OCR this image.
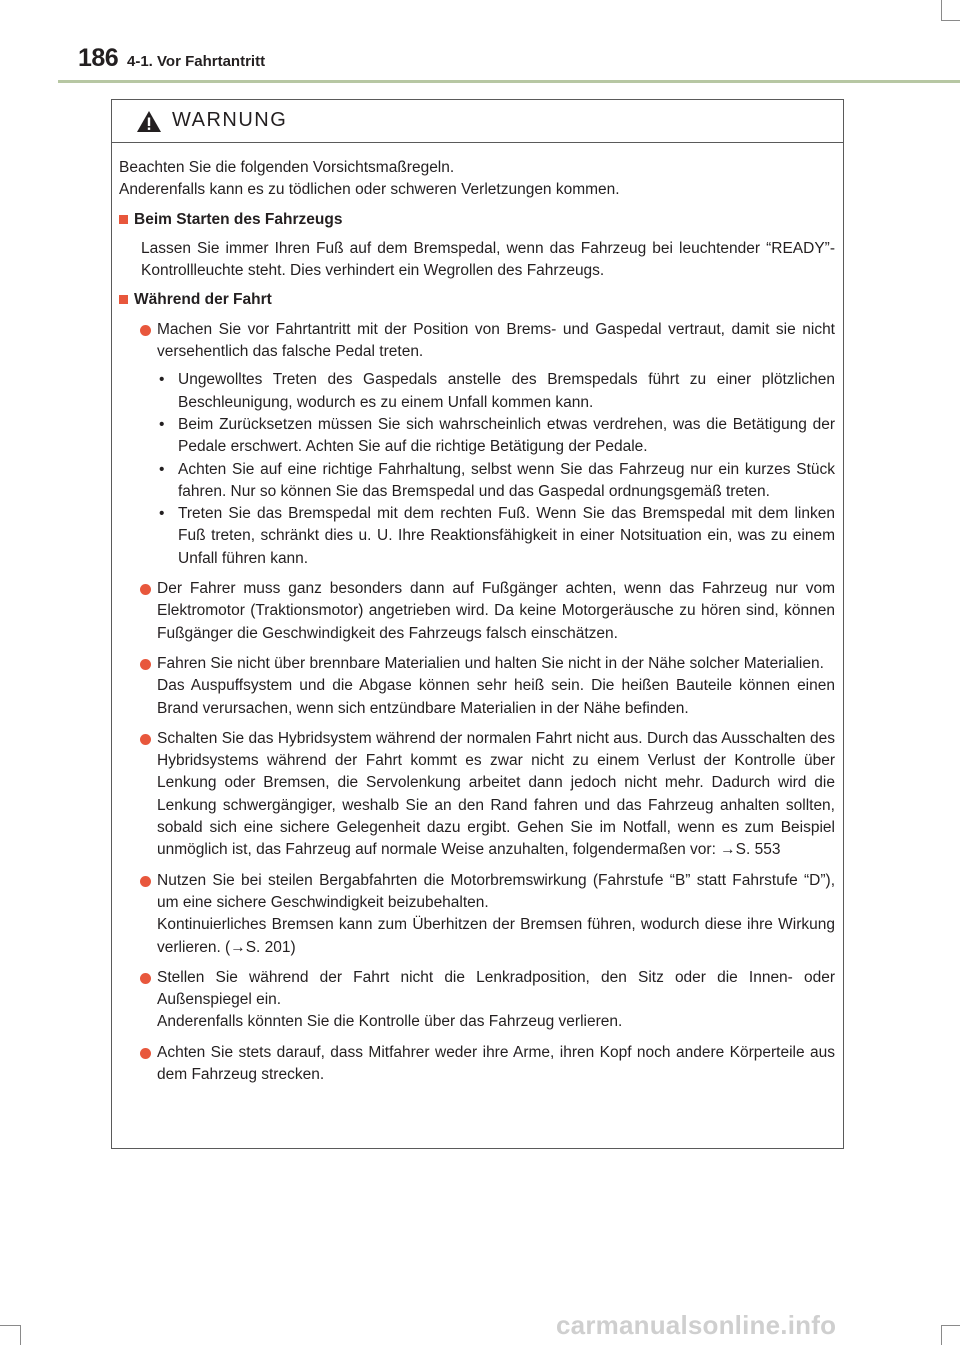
186 4-1. Vor Fahrtantritt
WARNUNG

Beachten Sie die folgenden Vorsichtsmaßregeln.
Anderenfalls kann es zu tödlichen oder schweren Verletzungen kommen.

Beim Starten des Fahrzeugs

Lassen Sie immer Ihren Fuß auf dem Bremspedal, wenn das Fahrzeug bei leuchtender “READY”-Kontrollleuchte steht. Dies verhindert ein Wegrollen des Fahrzeugs.

Während der Fahrt

Machen Sie vor Fahrtantritt mit der Position von Brems- und Gaspedal vertraut, damit sie nicht versehentlich das falsche Pedal treten.

• Ungewolltes Treten des Gaspedals anstelle des Bremspedals führt zu einer plötzlichen Beschleunigung, wodurch es zu einem Unfall kommen kann.
• Beim Zurücksetzen müssen Sie sich wahrscheinlich etwas verdrehen, was die Betätigung der Pedale erschwert. Achten Sie auf die richtige Betätigung der Pedale.
• Achten Sie auf eine richtige Fahrhaltung, selbst wenn Sie das Fahrzeug nur ein kurzes Stück fahren. Nur so können Sie das Bremspedal und das Gaspedal ordnungsgemäß treten.
• Treten Sie das Bremspedal mit dem rechten Fuß. Wenn Sie das Bremspedal mit dem linken Fuß treten, schränkt dies u. U. Ihre Reaktionsfähigkeit in einer Notsituation ein, was zu einem Unfall führen kann.

Der Fahrer muss ganz besonders dann auf Fußgänger achten, wenn das Fahrzeug nur vom Elektromotor (Traktionsmotor) angetrieben wird. Da keine Motorgeräusche zu hören sind, können Fußgänger die Geschwindigkeit des Fahrzeugs falsch einschätzen.

Fahren Sie nicht über brennbare Materialien und halten Sie nicht in der Nähe solcher Materialien.

Das Auspuffsystem und die Abgase können sehr heiß sein. Die heißen Bauteile können einen Brand verursachen, wenn sich entzündbare Materialien in der Nähe befinden.

Schalten Sie das Hybridsystem während der normalen Fahrt nicht aus. Durch das Ausschalten des Hybridsystems während der Fahrt kommt es zwar nicht zu einem Verlust der Kontrolle über Lenkung oder Bremsen, die Servolenkung arbeitet dann jedoch nicht mehr. Dadurch wird die Lenkung schwergängiger, weshalb Sie an den Rand fahren und das Fahrzeug anhalten sollten, sobald sich eine sichere Gelegenheit dazu ergibt. Gehen Sie im Notfall, wenn es zum Beispiel unmöglich ist, das Fahrzeug auf normale Weise anzuhalten, folgendermaßen vor: →S. 553

Nutzen Sie bei steilen Bergabfahrten die Motorbremswirkung (Fahrstufe “B” statt Fahrstufe “D”), um eine sichere Geschwindigkeit beizubehalten.

Kontinuierliches Bremsen kann zum Überhitzen der Bremsen führen, wodurch diese ihre Wirkung verlieren. (→S. 201)

Stellen Sie während der Fahrt nicht die Lenkradposition, den Sitz oder die Innen- oder Außenspiegel ein.

Anderenfalls könnten Sie die Kontrolle über das Fahrzeug verlieren.

Achten Sie stets darauf, dass Mitfahrer weder ihre Arme, ihren Kopf noch andere Körperteile aus dem Fahrzeug strecken.

carmanualsonline.info
